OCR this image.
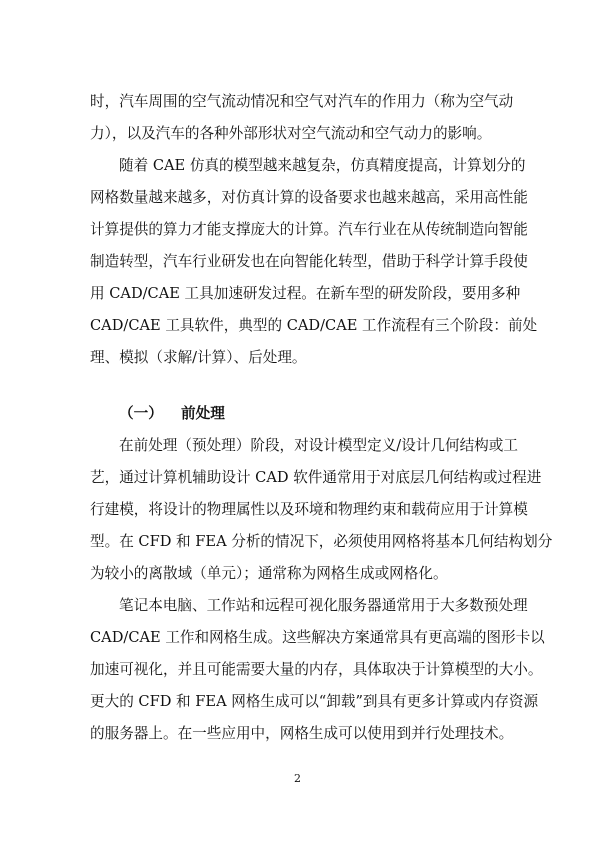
时，汽车周围的空气流动情况和空气对汽车的作用力（称为空气动
力），以及汽车的各种外部形状对空气流动和空气动力的影响。
随着 CAE 仿真的模型越来越复杂，仿真精度提高，计算划分的
网格数量越来越多，对仿真计算的设备要求也越来越高，采用高性能
计算提供的算力才能支撑庞大的计算。汽车行业在从传统制造向智能
制造转型，汽车行业研发也在向智能化转型，借助于科学计算手段使
用 CAD/CAE 工具加速研发过程。在新车型的研发阶段，要用多种
CAD/CAE 工具软件，典型的 CAD/CAE 工作流程有三个阶段：前处
理、模拟（求解/计算）、后处理。
（一） 前处理
在前处理（预处理）阶段，对设计模型定义/设计几何结构或工
艺，通过计算机辅助设计 CAD 软件通常用于对底层几何结构或过程进
行建模，将设计的物理属性以及环境和物理约束和载荷应用于计算模
型。在 CFD 和 FEA 分析的情况下，必须使用网格将基本几何结构划分
为较小的离散域（单元）；通常称为网格生成或网格化。
笔记本电脑、工作站和远程可视化服务器通常用于大多数预处理
CAD/CAE 工作和网格生成。这些解决方案通常具有更高端的图形卡以
加速可视化，并且可能需要大量的内存，具体取决于计算模型的大小。
更大的 CFD 和 FEA 网格生成可以“卸载”到具有更多计算或内存资源
的服务器上。在一些应用中，网格生成可以使用到并行处理技术。
2
